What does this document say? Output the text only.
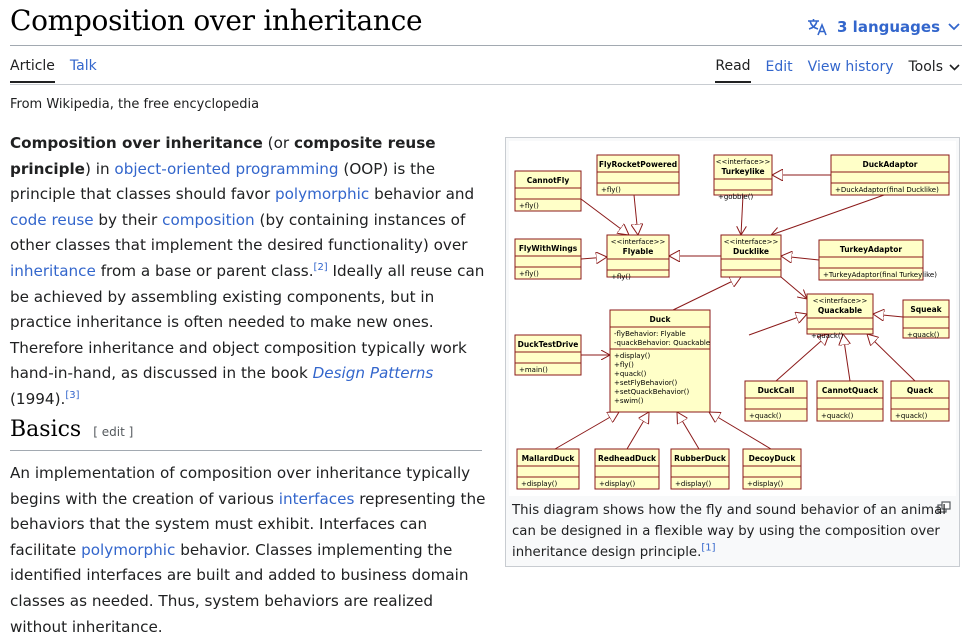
Composition over inheritance	3 languages
Article Talk	Read Edit View history Tools
From Wikipedia, the free encyclopedia

Composition over inheritance (or composite reuse principle) in object-oriented programming (OOP) is the principle that classes should favor polymorphic behavior and code reuse by their composition (by containing instances of other classes that implement the desired functionality) over inheritance from a base or parent class.[2] Ideally all reuse can be achieved by assembling existing components, but in practice inheritance is often needed to make new ones. Therefore inheritance and object composition typically work hand-in-hand, as discussed in the book Design Patterns (1994).[3]

Basics [ edit ]

An implementation of composition over inheritance typically begins with the creation of various interfaces representing the behaviors that the system must exhibit. Interfaces can facilitate polymorphic behavior. Classes implementing the identified interfaces are built and added to business domain classes as needed. Thus, system behaviors are realized without inheritance.

FlyRocketPowered
+fly()
<<interface>>
Turkeylike
+gobble()
DuckAdaptor
+DuckAdaptor(final Ducklike)
CannotFly
+fly()
<<interface>>
Flyable
+fly()
<<interface>>
Ducklike
FlyWithWings
+fly()
TurkeyAdaptor
+TurkeyAdaptor(final Turkeylike)
<<interface>>
Quackable
+quack()
Squeak
+quack()
Duck
-flyBehavior: Flyable
-quackBehavior: Quackable
+display()
+fly()
+quack()
+setFlyBehavior()
+setQuackBehavior()
+swim()
DuckTestDrive
+main()
DuckCall
+quack()
CannotQuack
+quack()
Quack
+quack()
MallardDuck
+display()
RedheadDuck
+display()
RubberDuck
+display()
DecoyDuck
+display()
This diagram shows how the fly and sound behavior of an animal can be designed in a flexible way by using the composition over inheritance design principle.[1]
